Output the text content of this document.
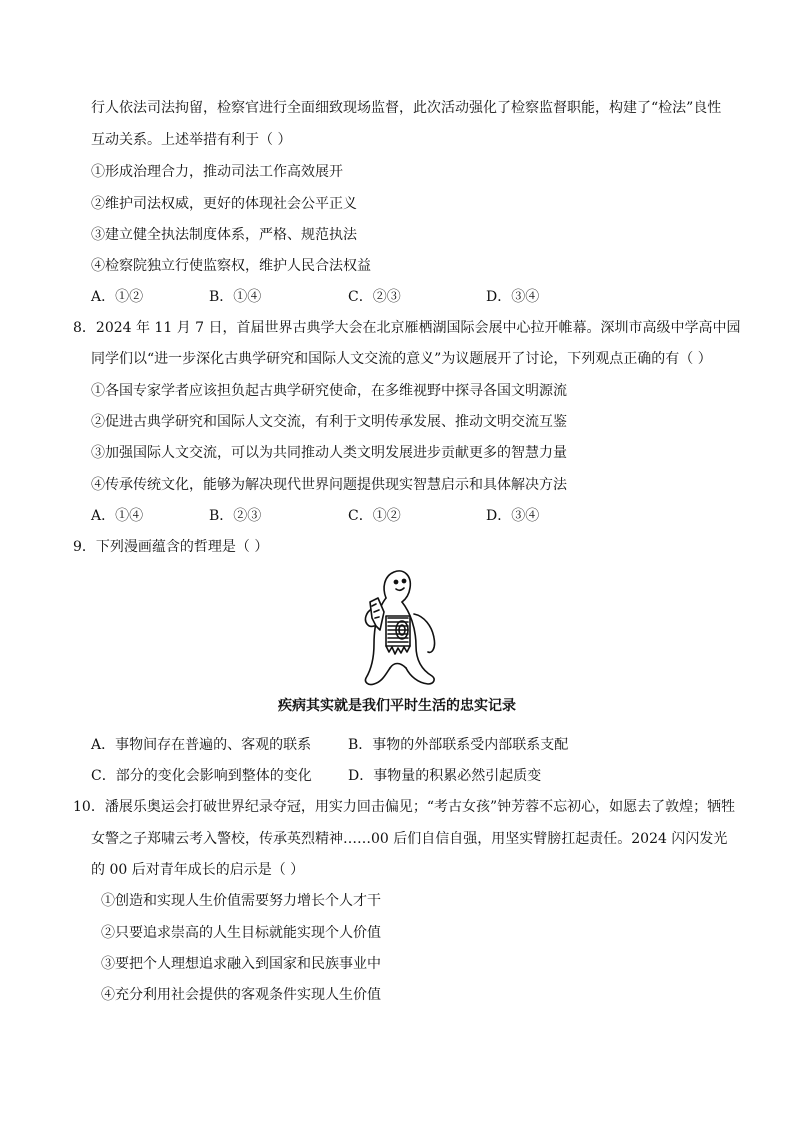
行人依法司法拘留，检察官进行全面细致现场监督，此次活动强化了检察监督职能，构建了“检法”良性
互动关系。上述举措有利于（ ）
①形成治理合力，推动司法工作高效展开
②维护司法权威，更好的体现社会公平正义
③建立健全执法制度体系，严格、规范执法
④检察院独立行使监察权，维护人民合法权益
A．①②	B．①④	C．②③	D．③④
8．2024 年 11 月 7 日，首届世界古典学大会在北京雁栖湖国际会展中心拉开帷幕。深圳市高级中学高中园
同学们以“进一步深化古典学研究和国际人文交流的意义”为议题展开了讨论，下列观点正确的有（ ）
①各国专家学者应该担负起古典学研究使命，在多维视野中探寻各国文明源流
②促进古典学研究和国际人文交流，有利于文明传承发展、推动文明交流互鉴
③加强国际人文交流，可以为共同推动人类文明发展进步贡献更多的智慧力量
④传承传统文化，能够为解决现代世界问题提供现实智慧启示和具体解决方法
A．①④	B．②③	C．①②	D．③④
9．下列漫画蕴含的哲理是（ ）
疾病其实就是我们平时生活的忠实记录
A．事物间存在普遍的、客观的联系	B．事物的外部联系受内部联系支配
C．部分的变化会影响到整体的变化	D．事物量的积累必然引起质变
10．潘展乐奥运会打破世界纪录夺冠，用实力回击偏见；“考古女孩”钟芳蓉不忘初心，如愿去了敦煌；牺牲
女警之子郑啸云考入警校，传承英烈精神……00 后们自信自强，用坚实臂膀扛起责任。2024 闪闪发光
的 00 后对青年成长的启示是（ ）
①创造和实现人生价值需要努力增长个人才干
②只要追求崇高的人生目标就能实现个人价值
③要把个人理想追求融入到国家和民族事业中
④充分利用社会提供的客观条件实现人生价值
